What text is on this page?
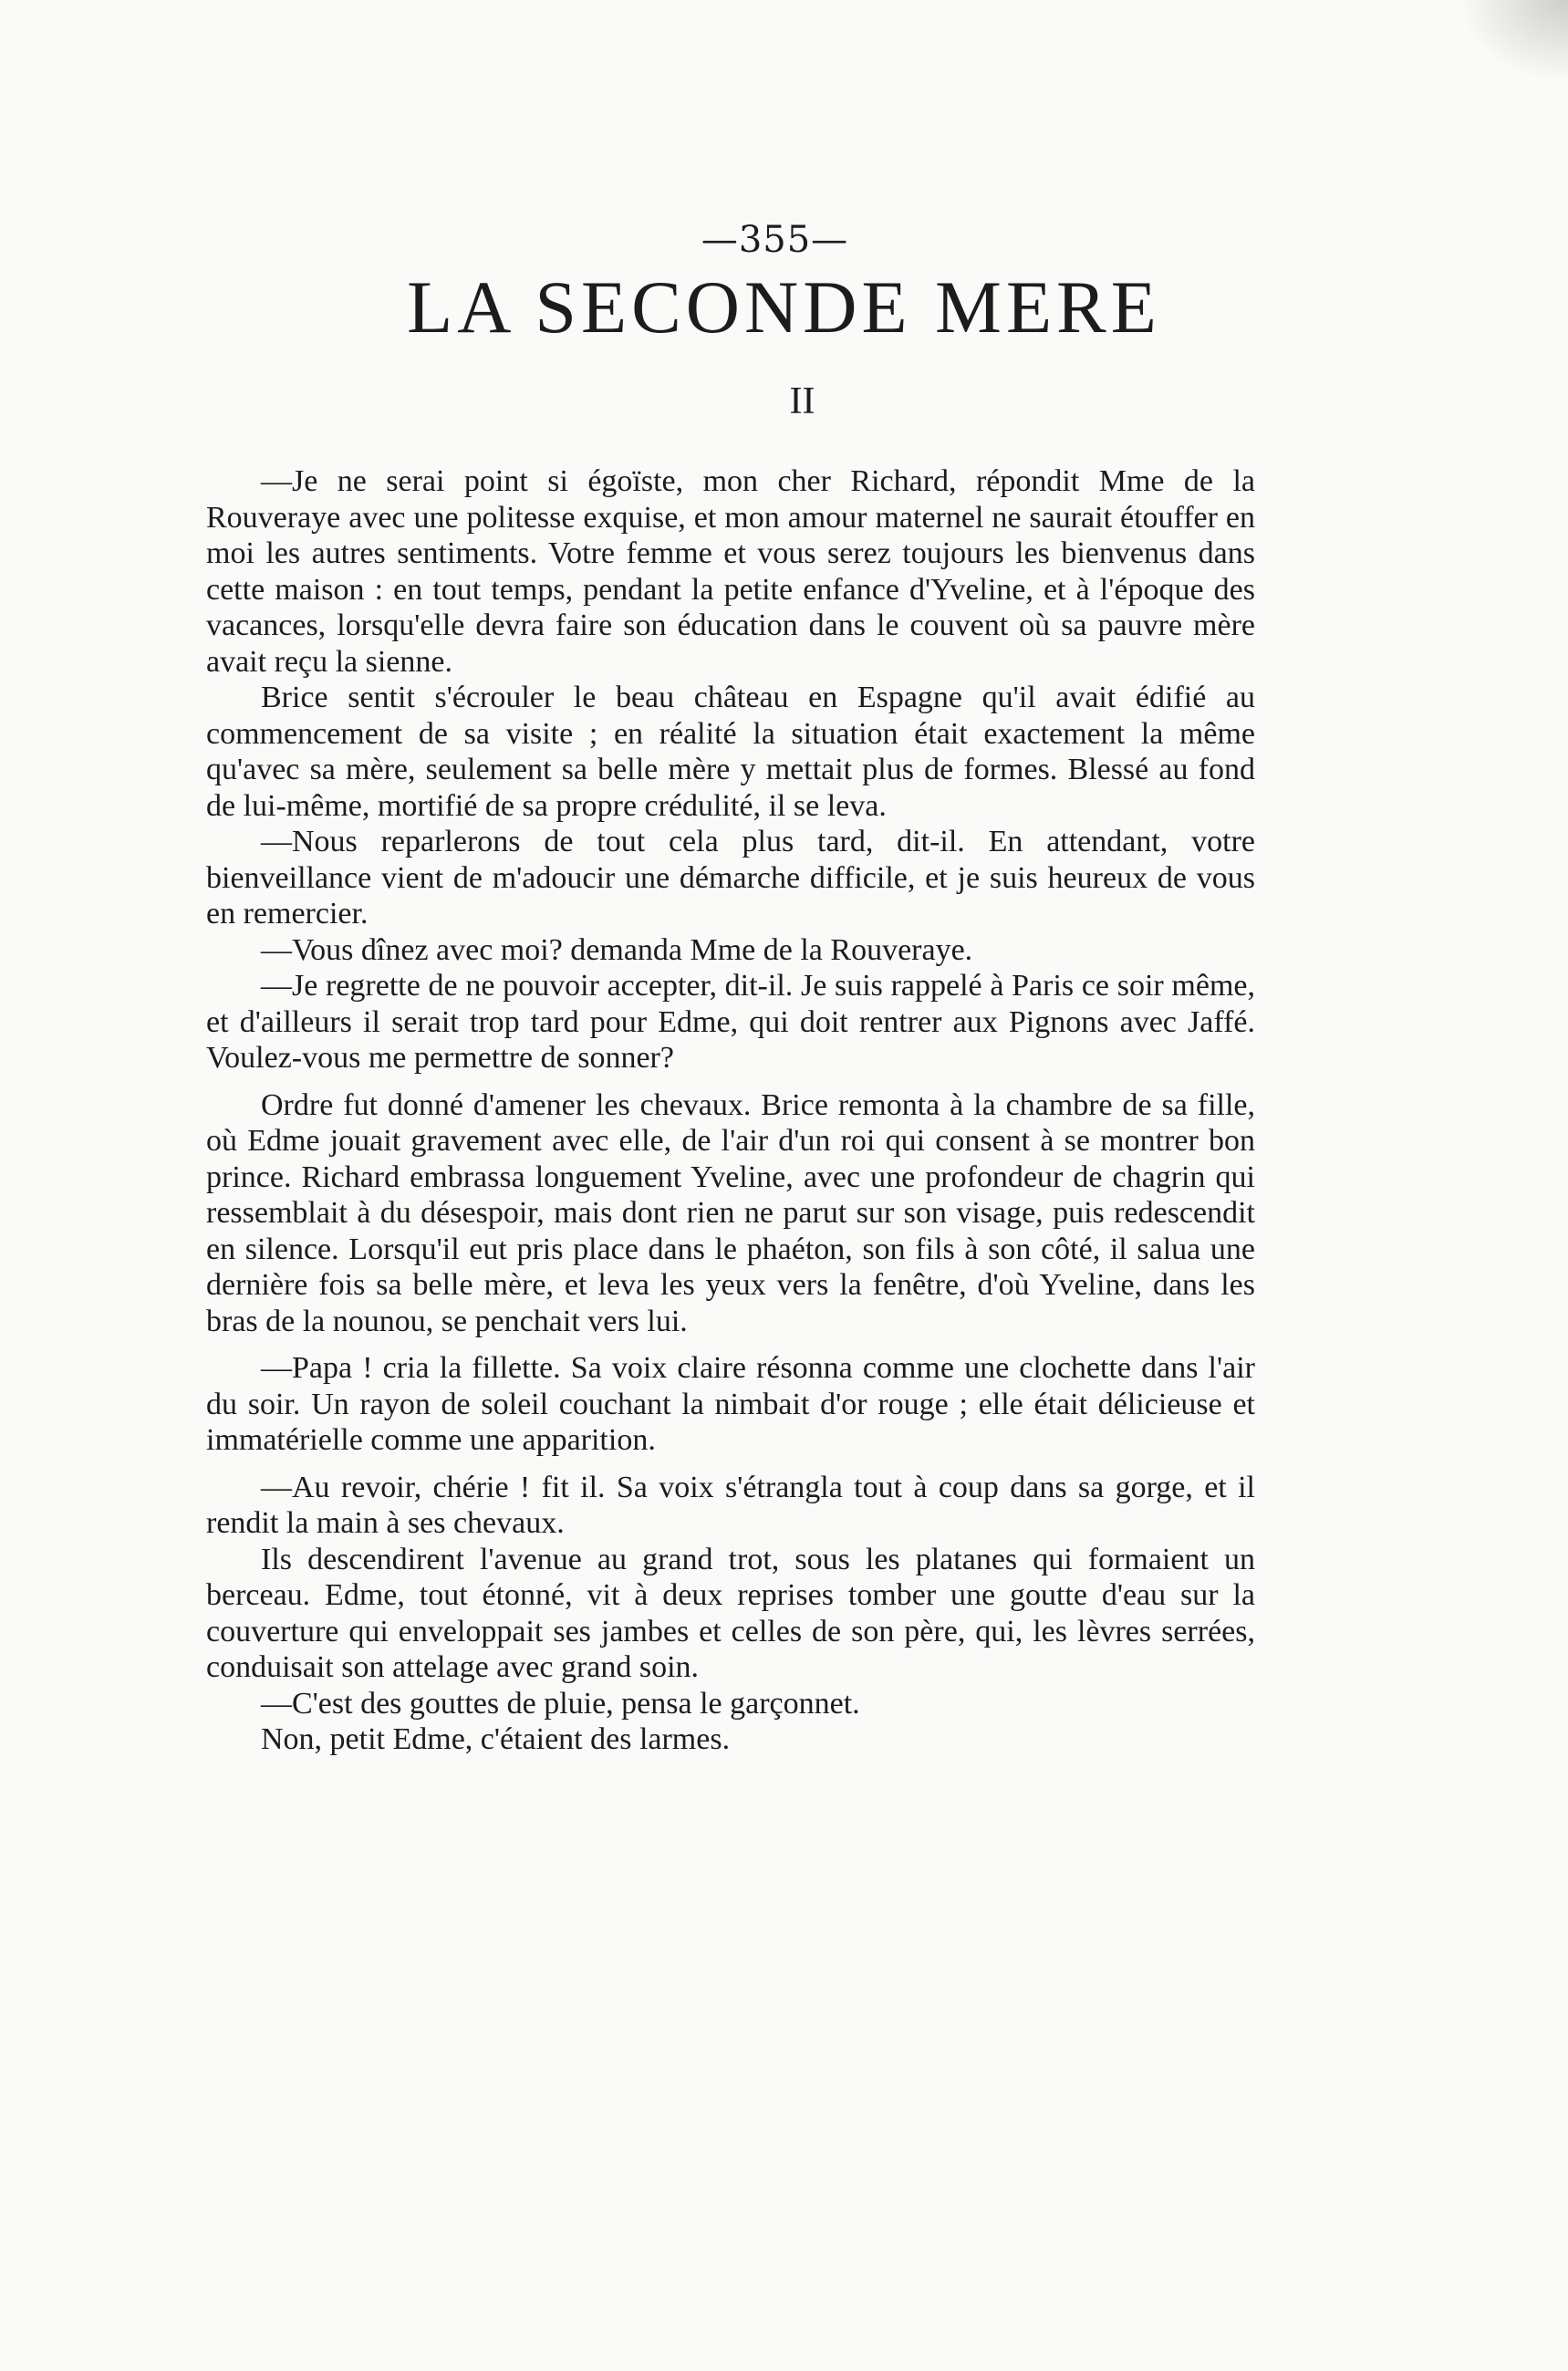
—355—
LA SECONDE MERE
II

—Je ne serai point si égoïste, mon cher Richard, répondit Mme de la Rouveraye avec une politesse exquise, et mon amour maternel ne saurait étouffer en moi les autres sentiments. Votre femme et vous serez toujours les bienvenus dans cette maison : en tout temps, pendant la petite enfance d'Yveline, et à l'époque des vacances, lorsqu'elle devra faire son éducation dans le couvent où sa pauvre mère avait reçu la sienne.

Brice sentit s'écrouler le beau château en Espagne qu'il avait édifié au commencement de sa visite ; en réalité la situation était exactement la même qu'avec sa mère, seulement sa belle mère y mettait plus de formes. Blessé au fond de lui-même, mortifié de sa propre crédulité, il se leva.

—Nous reparlerons de tout cela plus tard, dit-il. En attendant, votre bienveillance vient de m'adoucir une démarche difficile, et je suis heureux de vous en remercier.

—Vous dînez avec moi? demanda Mme de la Rouveraye.

—Je regrette de ne pouvoir accepter, dit-il. Je suis rappelé à Paris ce soir même, et d'ailleurs il serait trop tard pour Edme, qui doit rentrer aux Pignons avec Jaffé. Voulez-vous me permettre de sonner?

Ordre fut donné d'amener les chevaux. Brice remonta à la chambre de sa fille, où Edme jouait gravement avec elle, de l'air d'un roi qui consent à se montrer bon prince. Richard embrassa longuement Yveline, avec une profondeur de chagrin qui ressemblait à du désespoir, mais dont rien ne parut sur son visage, puis redescendit en silence. Lorsqu'il eut pris place dans le phaéton, son fils à son côté, il salua une dernière fois sa belle mère, et leva les yeux vers la fenêtre, d'où Yveline, dans les bras de la nounou, se penchait vers lui.

—Papa ! cria la fillette. Sa voix claire résonna comme une clochette dans l'air du soir. Un rayon de soleil couchant la nimbait d'or rouge ; elle était délicieuse et immatérielle comme une apparition.

—Au revoir, chérie ! fit il. Sa voix s'étrangla tout à coup dans sa gorge, et il rendit la main à ses chevaux.

Ils descendirent l'avenue au grand trot, sous les platanes qui formaient un berceau. Edme, tout étonné, vit à deux reprises tomber une goutte d'eau sur la couverture qui enveloppait ses jambes et celles de son père, qui, les lèvres serrées, conduisait son attelage avec grand soin.

—C'est des gouttes de pluie, pensa le garçonnet.

Non, petit Edme, c'étaient des larmes.
